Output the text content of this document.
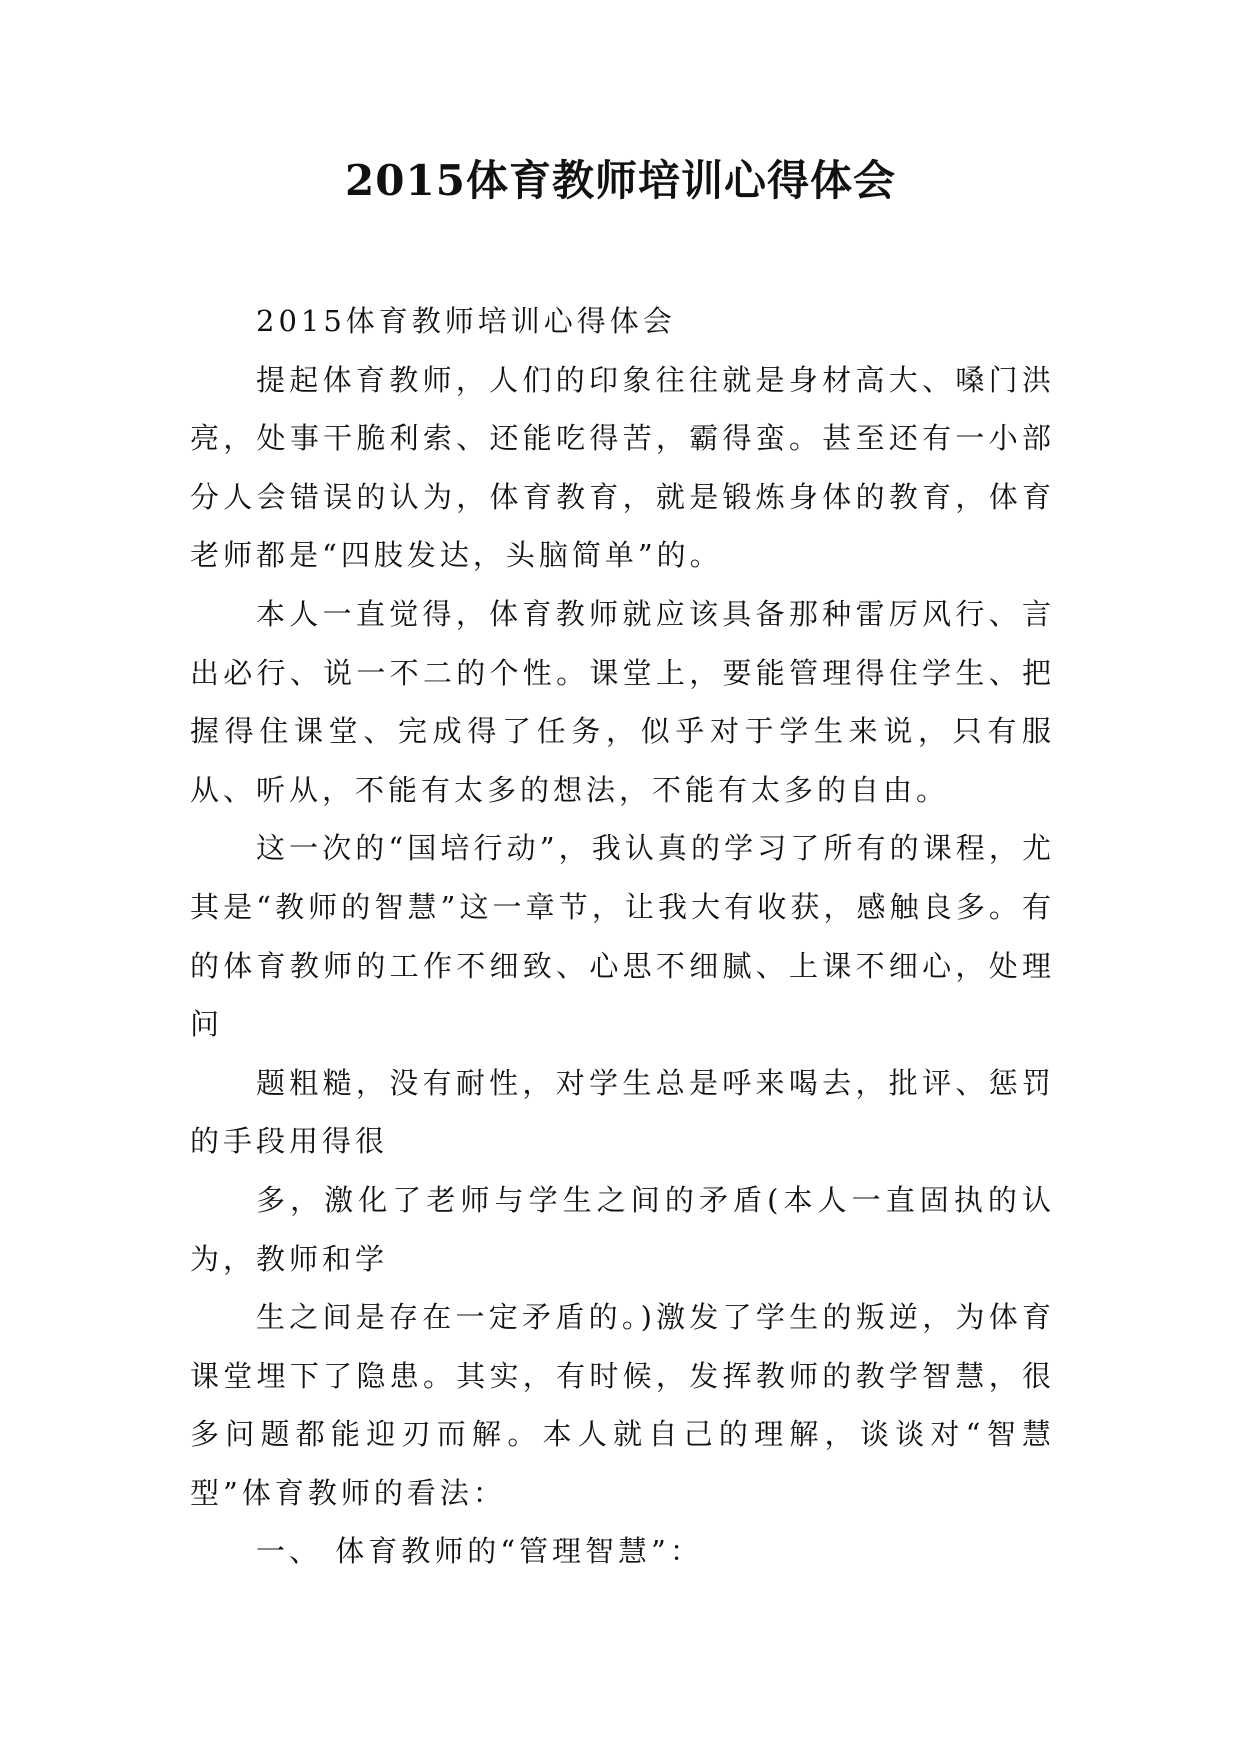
2015体育教师培训心得体会

2015体育教师培训心得体会

提起体育教师，人们的印象往往就是身材高大、嗓门洪亮，处事干脆利索、还能吃得苦，霸得蛮。甚至还有一小部分人会错误的认为，体育教育，就是锻炼身体的教育，体育老师都是“四肢发达，头脑简单”的。

本人一直觉得，体育教师就应该具备那种雷厉风行、言出必行、说一不二的个性。课堂上，要能管理得住学生、把握得住课堂、完成得了任务，似乎对于学生来说，只有服从、听从，不能有太多的想法，不能有太多的自由。

这一次的“国培行动”，我认真的学习了所有的课程，尤其是“教师的智慧”这一章节，让我大有收获，感触良多。有的体育教师的工作不细致、心思不细腻、上课不细心，处理问

题粗糙，没有耐性，对学生总是呼来喝去，批评、惩罚的手段用得很

多，激化了老师与学生之间的矛盾(本人一直固执的认为，教师和学

生之间是存在一定矛盾的。)激发了学生的叛逆，为体育课堂埋下了隐患。其实，有时候，发挥教师的教学智慧，很多问题都能迎刃而解。本人就自己的理解，谈谈对“智慧型”体育教师的看法：

一、 体育教师的“管理智慧”：
